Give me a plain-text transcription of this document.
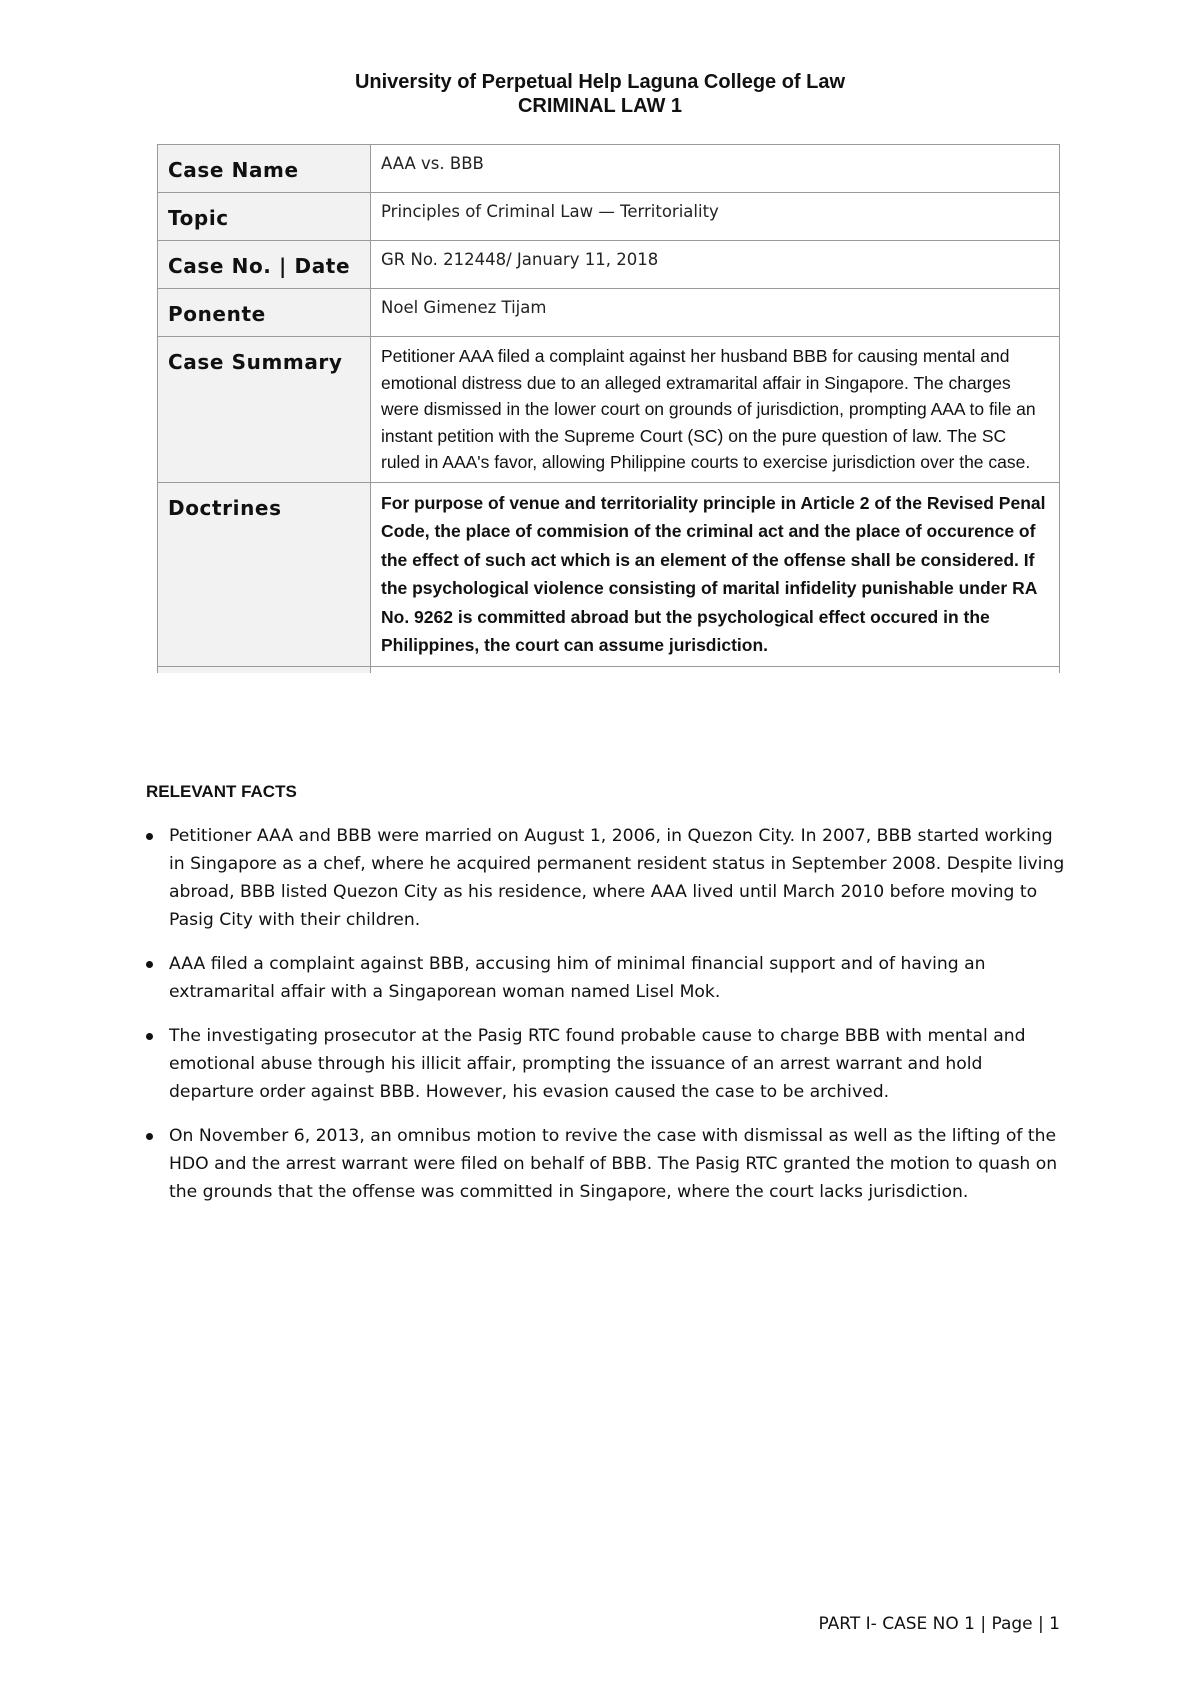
University of Perpetual Help Laguna College of Law
CRIMINAL LAW 1
Case Name	AAA vs. BBB
Topic	Principles of Criminal Law — Territoriality
Case No. | Date	GR No. 212448/ January 11, 2018
Ponente	Noel Gimenez Tijam
Case Summary	Petitioner AAA filed a complaint against her husband BBB for causing mental and emotional distress due to an alleged extramarital affair in Singapore. The charges were dismissed in the lower court on grounds of jurisdiction, prompting AAA to file an instant petition with the Supreme Court (SC) on the pure question of law. The SC ruled in AAA's favor, allowing Philippine courts to exercise jurisdiction over the case.
Doctrines	For purpose of venue and territoriality principle in Article 2 of the Revised Penal Code, the place of commision of the criminal act and the place of occurence of the effect of such act which is an element of the offense shall be considered. If the psychological violence consisting of marital infidelity punishable under RA No. 9262 is committed abroad but the psychological effect occured in the Philippines, the court can assume jurisdiction.

RELEVANT FACTS
Petitioner AAA and BBB were married on August 1, 2006, in Quezon City. In 2007, BBB started working in Singapore as a chef, where he acquired permanent resident status in September 2008. Despite living abroad, BBB listed Quezon City as his residence, where AAA lived until March 2010 before moving to Pasig City with their children.
AAA filed a complaint against BBB, accusing him of minimal financial support and of having an extramarital affair with a Singaporean woman named Lisel Mok.
The investigating prosecutor at the Pasig RTC found probable cause to charge BBB with mental and emotional abuse through his illicit affair, prompting the issuance of an arrest warrant and hold departure order against BBB. However, his evasion caused the case to be archived.
On November 6, 2013, an omnibus motion to revive the case with dismissal as well as the lifting of the HDO and the arrest warrant were filed on behalf of BBB. The Pasig RTC granted the motion to quash on the grounds that the offense was committed in Singapore, where the court lacks jurisdiction.
PART I- CASE NO 1 | Page | 1
